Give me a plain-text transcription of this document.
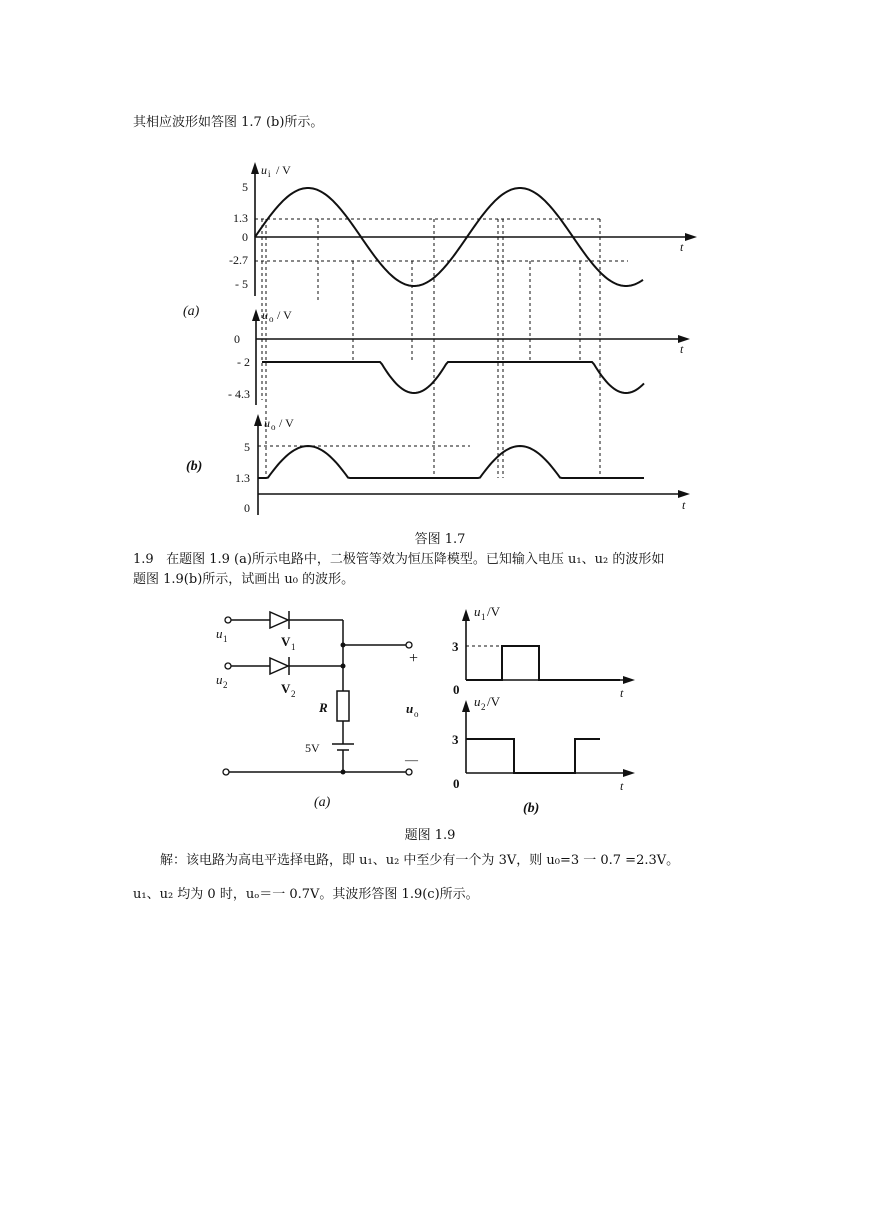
其相应波形如答图 1.7 (b)所示。
u i / V
t
5
1.3
0
-2.7
- 5
(a)	u o / V
t
0
- 2
- 4.3
u o / V
t
5
1.3
0
(b)
答图 1.7
1.9 在题图 1.9 (a)所示电路中，二极管等效为恒压降模型。已知输入电压 u₁、u₂ 的波形如
题图 1.9(b)所示，试画出 u₀ 的波形。
u 1
u 2
V 1
V 2
R
5V
+
—
u o
(a)
u 1 /V
3
0	t
u 2 /V
3
0	t
(b)
题图 1.9
解：该电路为高电平选择电路，即 u₁、u₂ 中至少有一个为 3V，则 u₀=3 一 0.7 =2.3V。
u₁、u₂ 均为 0 时，uₒ＝一 0.7V。其波形答图 1.9(c)所示。
